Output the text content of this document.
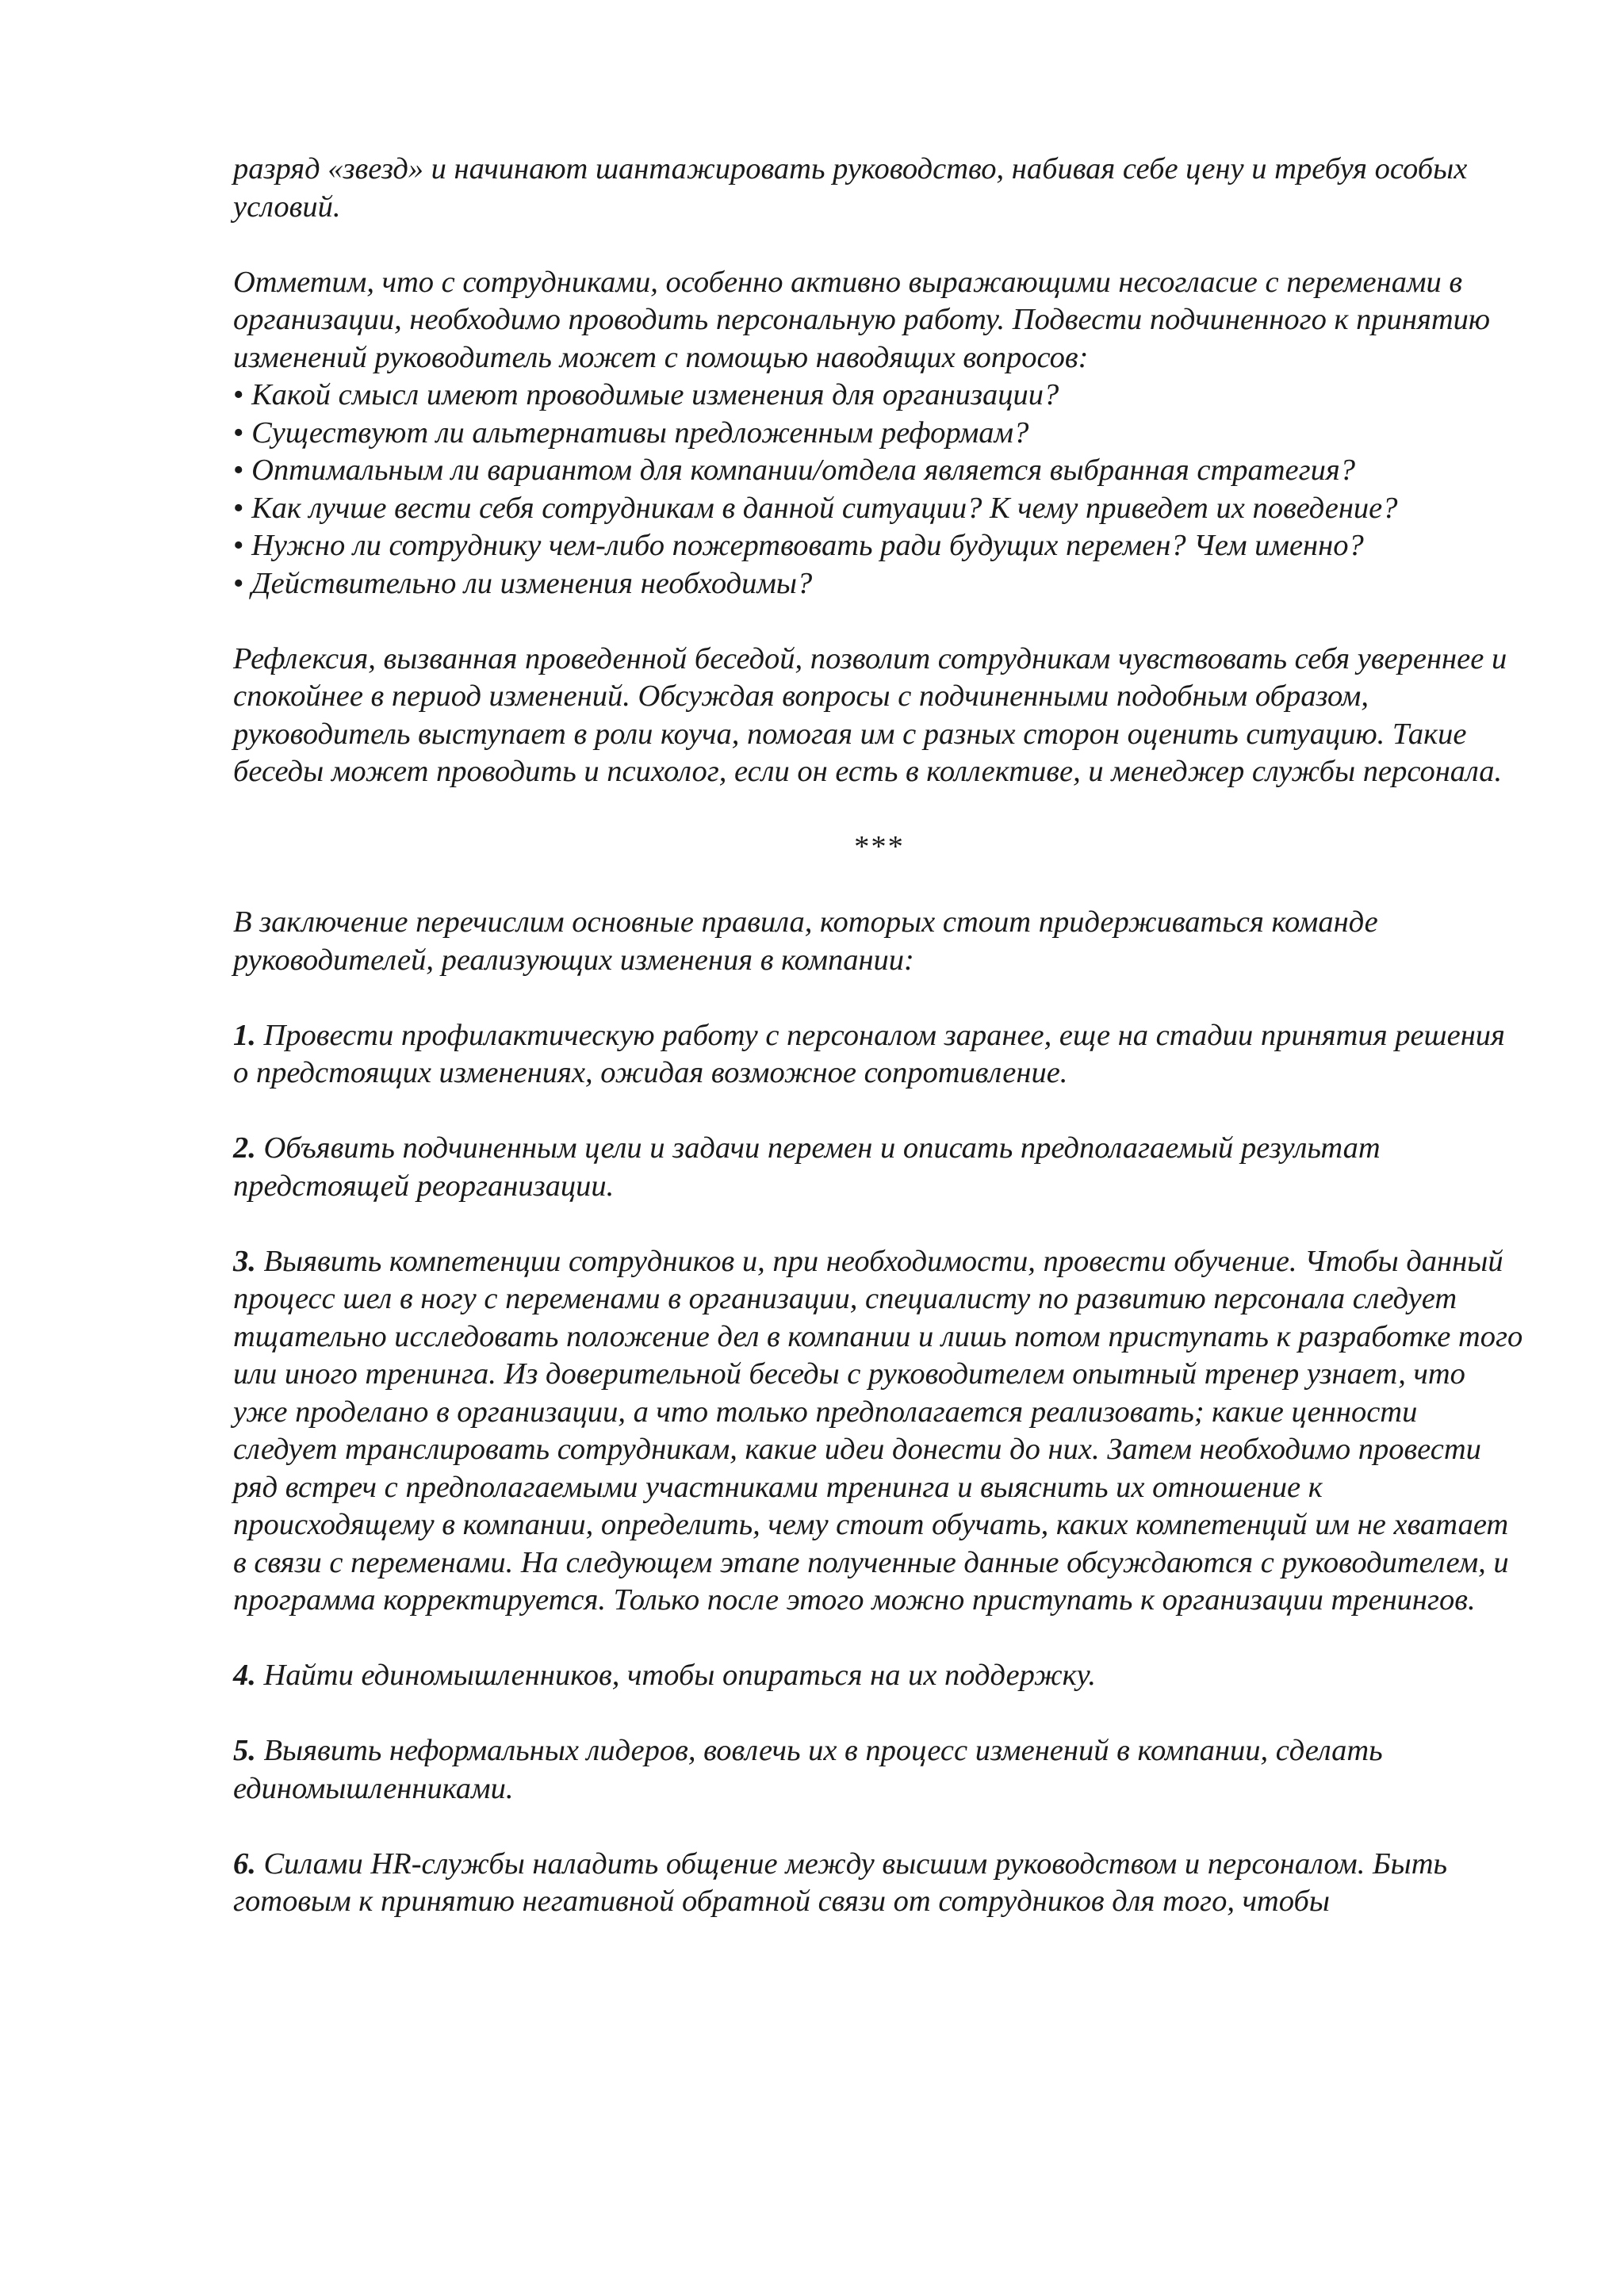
разряд «звезд» и начинают шантажировать руководство, набивая себе цену и требуя особых условий.

Отметим, что с сотрудниками, особенно активно выражающими несогласие с переменами в организации, необходимо проводить персональную работу. Подвести подчиненного к принятию изменений руководитель может с помощью наводящих вопросов:

• Какой смысл имеют проводимые изменения для организации?
• Существуют ли альтернативы предложенным реформам?
• Оптимальным ли вариантом для компании/отдела является выбранная стратегия?
• Как лучше вести себя сотрудникам в данной ситуации? К чему приведет их поведение?
• Нужно ли сотруднику чем-либо пожертвовать ради будущих перемен? Чем именно?
• Действительно ли изменения необходимы?

Рефлексия, вызванная проведенной беседой, позволит сотрудникам чувствовать себя увереннее и спокойнее в период изменений. Обсуждая вопросы с подчиненными подобным образом, руководитель выступает в роли коуча, помогая им с разных сторон оценить ситуацию. Такие беседы может проводить и психолог, если он есть в коллективе, и менеджер службы персонала.

***

В заключение перечислим основные правила, которых стоит придерживаться команде руководителей, реализующих изменения в компании:

1. Провести профилактическую работу с персоналом заранее, еще на стадии принятия решения о предстоящих изменениях, ожидая возможное сопротивление.

2. Объявить подчиненным цели и задачи перемен и описать предполагаемый результат предстоящей реорганизации.

3. Выявить компетенции сотрудников и, при необходимости, провести обучение. Чтобы данный процесс шел в ногу с переменами в организации, специалисту по развитию персонала следует тщательно исследовать положение дел в компании и лишь потом приступать к разработке того или иного тренинга. Из доверительной беседы с руководителем опытный тренер узнает, что уже проделано в организации, а что только предполагается реализовать; какие ценности следует транслировать сотрудникам, какие идеи донести до них. Затем необходимо провести ряд встреч с предполагаемыми участниками тренинга и выяснить их отношение к происходящему в компании, определить, чему стоит обучать, каких компетенций им не хватает в связи с переменами. На следующем этапе полученные данные обсуждаются с руководителем, и программа корректируется. Только после этого можно приступать к организации тренингов.

4. Найти единомышленников, чтобы опираться на их поддержку.

5. Выявить неформальных лидеров, вовлечь их в процесс изменений в компании, сделать единомышленниками.

6. Силами HR-службы наладить общение между высшим руководством и персоналом. Быть готовым к принятию негативной обратной связи от сотрудников для того, чтобы
